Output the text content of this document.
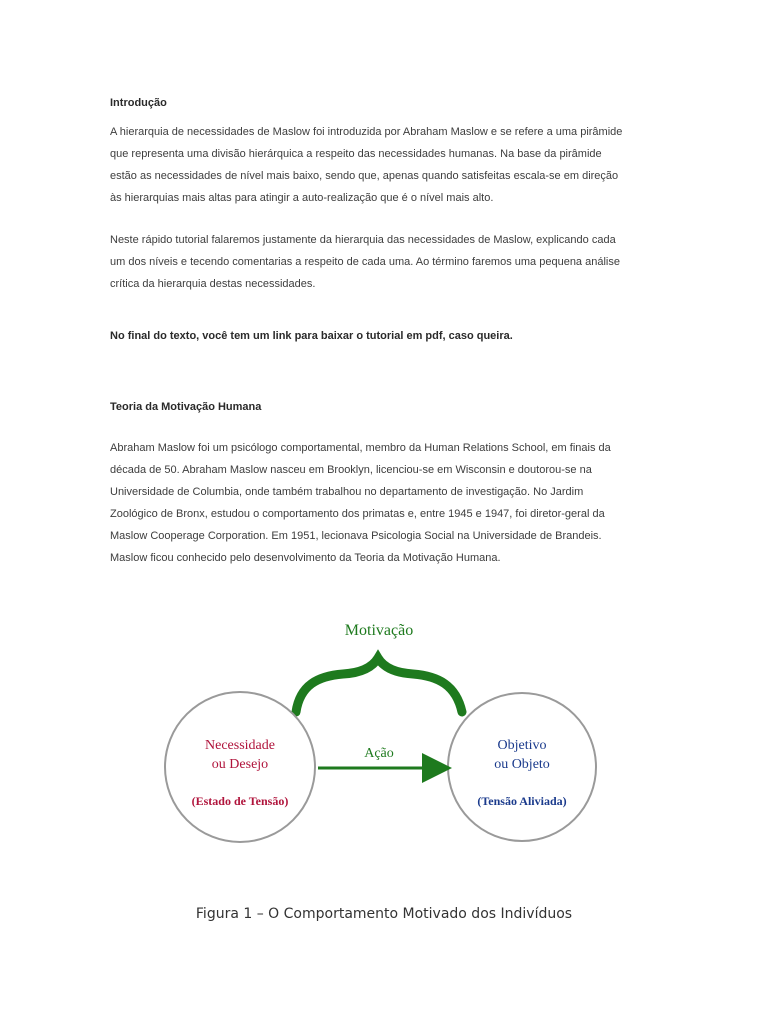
Introdução

A hierarquia de necessidades de Maslow foi introduzida por Abraham Maslow e se refere a uma pirâmide
que representa uma divisão hierárquica a respeito das necessidades humanas. Na base da pirâmide
estão as necessidades de nível mais baixo, sendo que, apenas quando satisfeitas escala-se em direção
às hierarquias mais altas para atingir a auto-realização que é o nível mais alto.

Neste rápido tutorial falaremos justamente da hierarquia das necessidades de Maslow, explicando cada
um dos níveis e tecendo comentarias a respeito de cada uma. Ao término faremos uma pequena análise
crítica da hierarquia destas necessidades.

No final do texto, você tem um link para baixar o tutorial em pdf, caso queira.

Teoria da Motivação Humana

Abraham Maslow foi um psicólogo comportamental, membro da Human Relations School, em finais da
década de 50. Abraham Maslow nasceu em Brooklyn, licenciou-se em Wisconsin e doutorou-se na
Universidade de Columbia, onde também trabalhou no departamento de investigação. No Jardim
Zoológico de Bronx, estudou o comportamento dos primatas e, entre 1945 e 1947, foi diretor-geral da
Maslow Cooperage Corporation. Em 1951, lecionava Psicologia Social na Universidade de Brandeis.
Maslow ficou conhecido pelo desenvolvimento da Teoria da Motivação Humana.

Motivação
Necessidade
ou Desejo
(Estado de Tensão)
Objetivo
ou Objeto
(Tensão Aliviada)
Ação
Figura 1 – O Comportamento Motivado dos Indivíduos
